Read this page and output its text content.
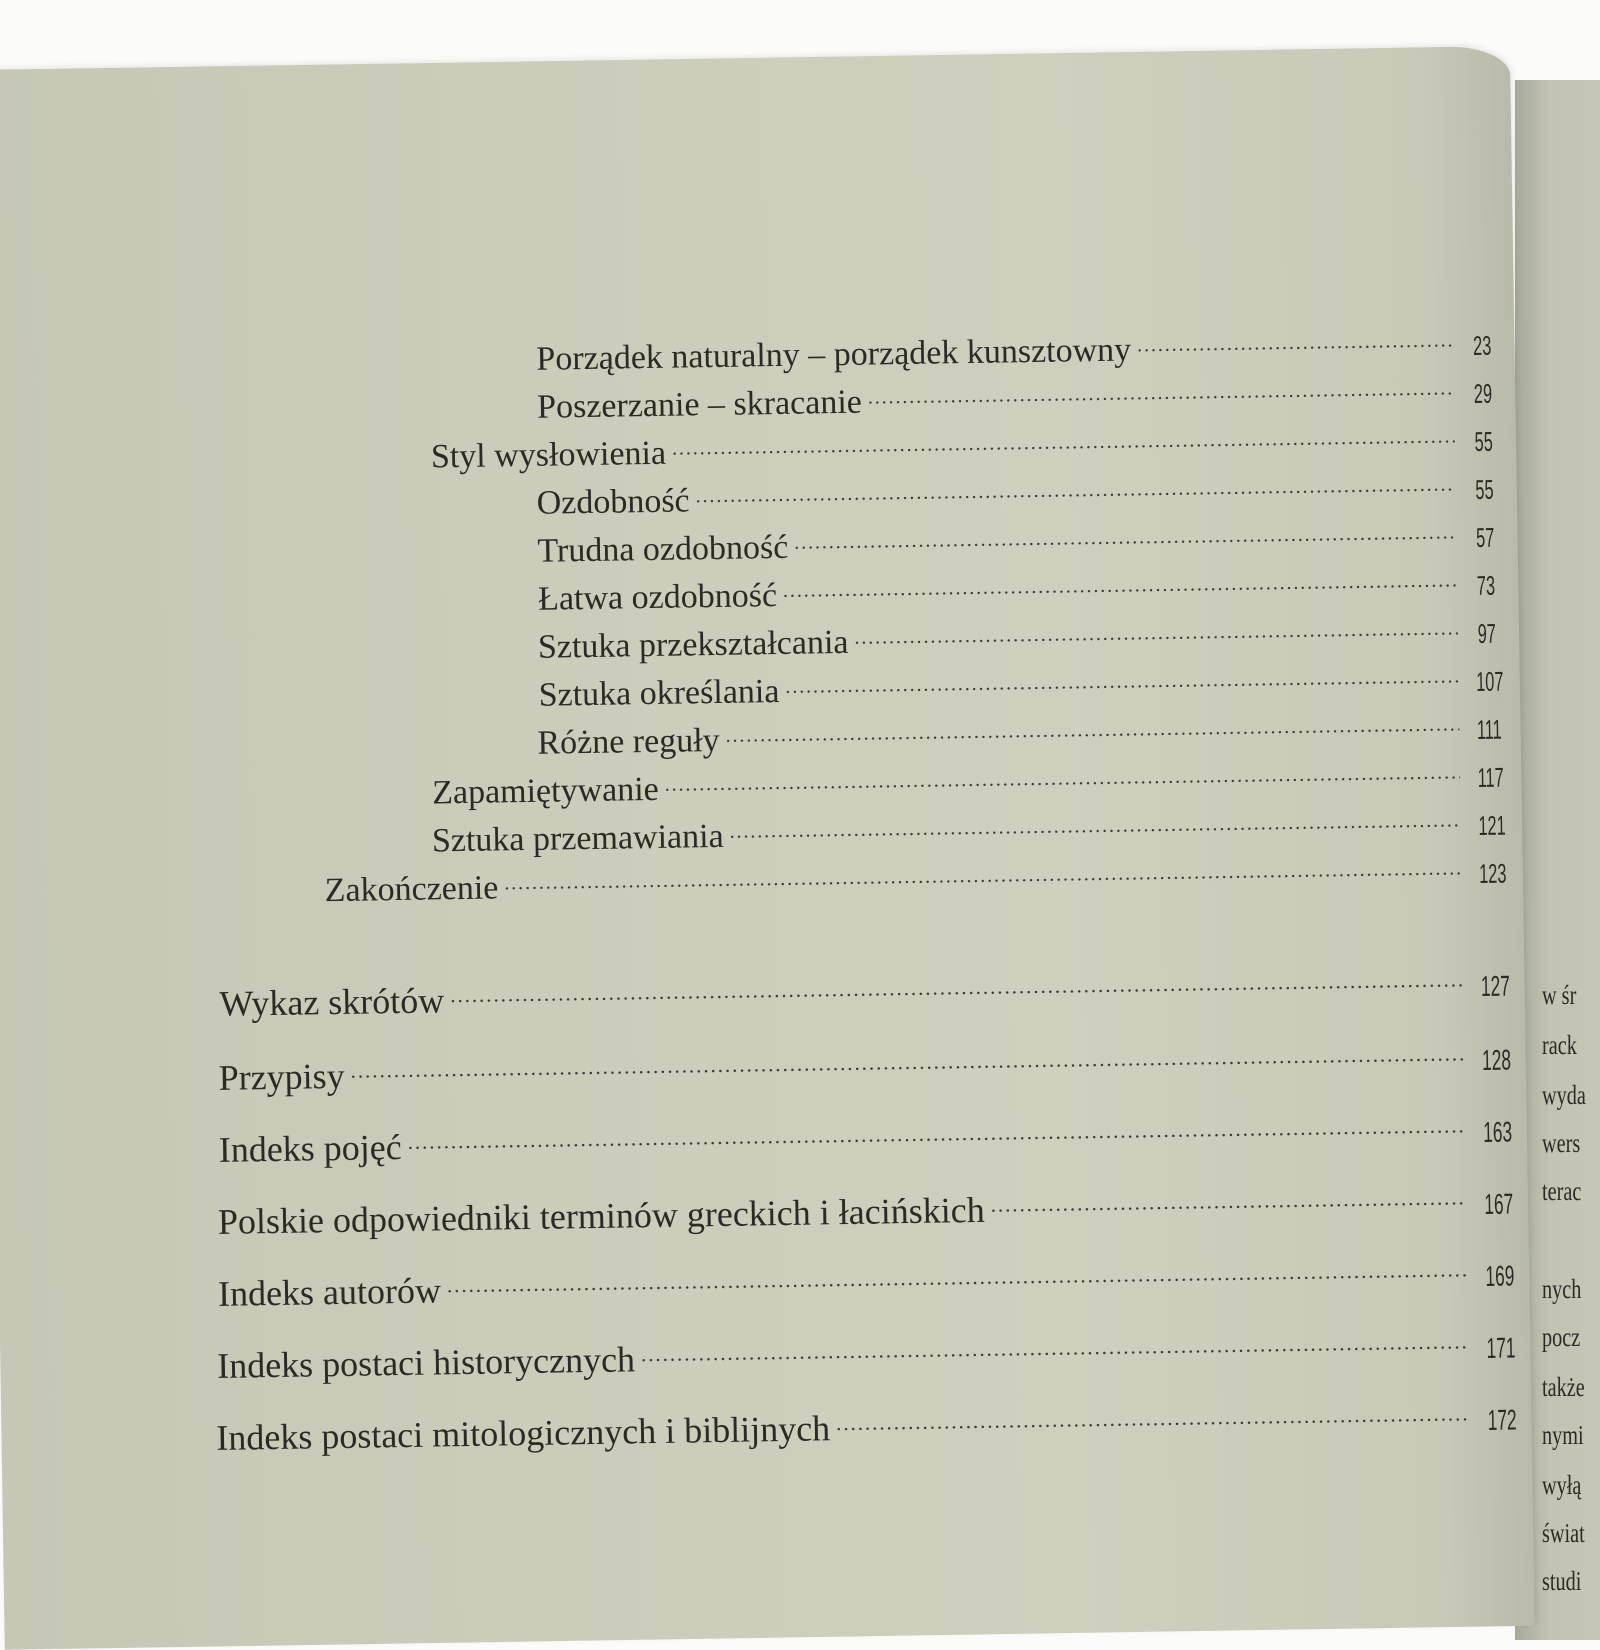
w śr
rack
wyda
wers
terac
nych
pocz
także
nymi
wyłą
świat
studi
Porządek naturalny – porządek kunsztowny .....	23
Poszerzanie – skracanie .....	29
Styl wysłowienia .....	55
Ozdobność .....	55
Trudna ozdobność .....	57
Łatwa ozdobność .....	73
Sztuka przekształcania .....	97
Sztuka określania .....	107
Różne reguły .....	111
Zapamiętywanie .....	117
Sztuka przemawiania .....	121
Zakończenie .....	123
Wykaz skrótów .....	127
Przypisy .....	128
Indeks pojęć .....	163
Polskie odpowiedniki terminów greckich i łacińskich .....	167
Indeks autorów .....	169
Indeks postaci historycznych .....	171
Indeks postaci mitologicznych i biblijnych .....	172
